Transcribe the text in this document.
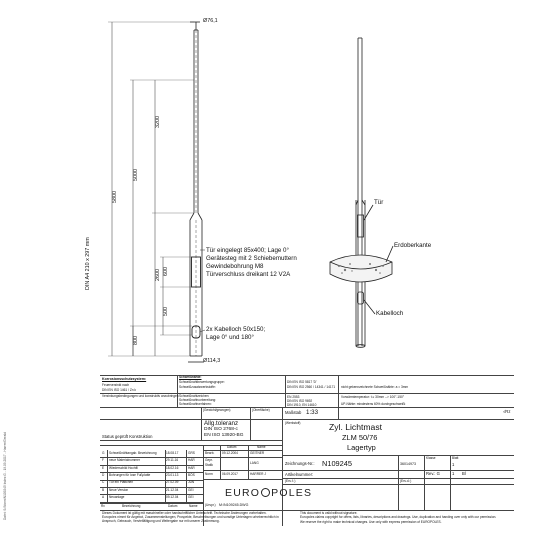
Datei: S:\Norm\N109245 Index G - 19.09.2017 - Harrer/Gerald
DIN A4 210 x 297 mm
Ø76,1
Ø114,3
5800
5000
3200
2600 600
500
800
Tür eingelegt 85x400; Lage 0°
Gerätesteg mit 2 Schiebemuttern
Gewindebohrung M8
Türverschluss dreikant 12 V2A
2x Kabelloch 50x150;
Lage 0° und 180°
Tür
Erdoberkante
Kabelloch
Korrosionsschutzsystem:
Feuerverzinkt nach
DIN EN ISO 1461 / Zn k
Verzinkungsbedingungen und konstruktiv anzubringen
Schweißnähte:
Schweißnahtbewertungsgruppe:	DIN EN ISO 5817 'D'
Schweißzusatzwerkstoffe:	DIN EN ISO 2560 / 14341 / 14171
Schweißnahtzeichen:	EN 2553
Schweißnahtvorbereitung:	DIN EN ISO 9692
Schweißnahtverfahren:	DIN 1910, EN 14610
nicht gekennzeichnete Schweißnähte: a = 3mm
Vorwärmtemperatur: t ≥ 30mm --> 100°-150°
UP-Nähte: mindestens 60% durchgeschweißt
(Gewicht/gewogen)	(Oberfläche)	Maßstab 1:33	√Rz
(Werkstoff)
Allg.toleranz
DIN ISO 2768-c
EN ISO 13920-BG
Status geprüft Konstruktion
Datum	Name
Bearb. 09.12.2004	GEITNER
Gepr.
Statik	LANG
Norm	06.09.2017	HARRER J
G Schweißnähtangab. Bezeichnung	18.08.17	GRS
F neue Materialnummer	29.11.16	HAR
E Wiederschild Hochfil	18.02.16	HAR
D Bohrungen für lose Fußplatte	23.01.13	BÖS
C Tür ein Plättchen	27.02.09	JUN
B Neue Version	21.12.04	GEI
A Neuanlage	09.12.04	GEI
Rv	Bezeichnung	Datum	Name
EURO POLES
(Urspr.) M:\N109245.DWG
Zyl. Lichtmast
ZLM 50/76
Lagertyp
Zeichnungs-Nr.: N109245	36014973
Klasse	Blatt
1
Artikelnummer:	Rev.: G	1 Bl
(Ers.f.:)	(Ers.d.:)
Dieses Dokument ist gültig mit maschineller oder handschriftlicher Unterschrift. Technische Änderungen vorbehalten.
Europoles nimmt für Angebot, Zusammenstellungen, Prospekte, Beschreibungen und sonstige Unterlagen urheberrechtlich in Anspruch, Gebrauch, Vervielfältigung und Weitergabe nur mit unserer Zustimmung.
This document is valid without signature.
Europoles claims copyright for offers, lists, libraries, descriptions and drawings. Use, duplication and handing over only with our permission.
We reserve the right to make technical changes. Use only with express permission of EUROPOLES.
